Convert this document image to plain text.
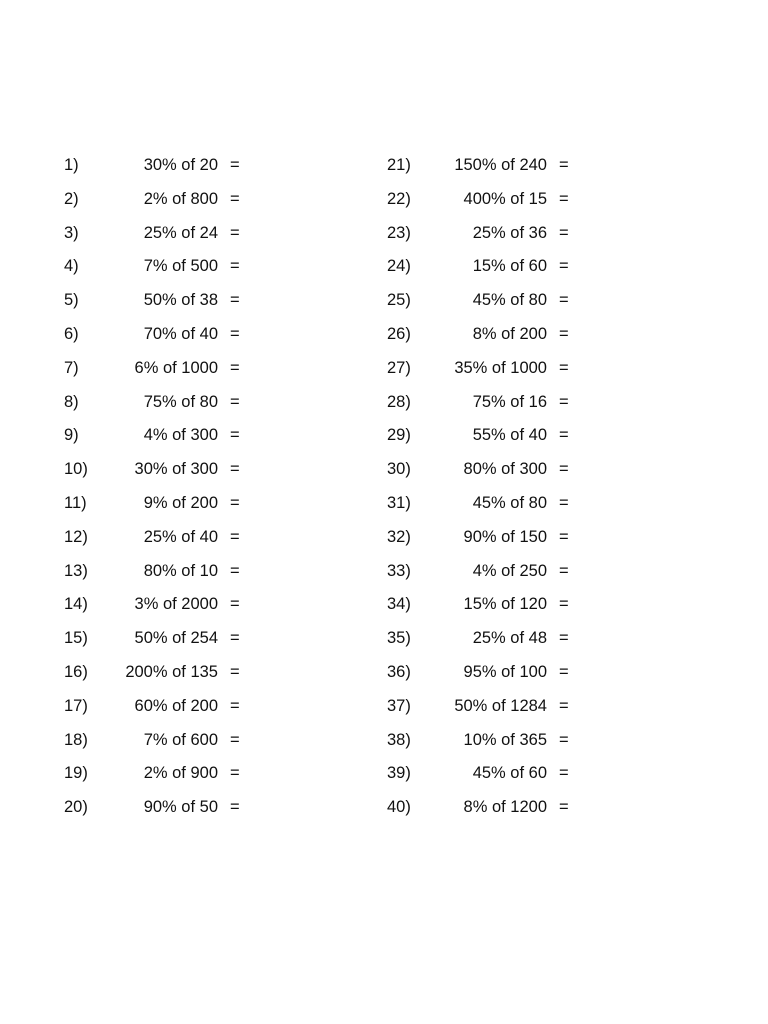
1)	30% of 20 =
2)	2% of 800 =
3)	25% of 24 =
4)	7% of 500 =
5)	50% of 38 =
6)	70% of 40 =
7)	6% of 1000 =
8)	75% of 80 =
9)	4% of 300 =
10)	30% of 300 =
11)	9% of 200 =
12)	25% of 40 =
13)	80% of 10 =
14)	3% of 2000 =
15)	50% of 254 =
16)	200% of 135 =
17)	60% of 200 =
18)	7% of 600 =
19)	2% of 900 =
20)	90% of 50 =
21)	150% of 240 =
22)	400% of 15 =
23)	25% of 36 =
24)	15% of 60 =
25)	45% of 80 =
26)	8% of 200 =
27)	35% of 1000 =
28)	75% of 16 =
29)	55% of 40 =
30)	80% of 300 =
31)	45% of 80 =
32)	90% of 150 =
33)	4% of 250 =
34)	15% of 120 =
35)	25% of 48 =
36)	95% of 100 =
37)	50% of 1284 =
38)	10% of 365 =
39)	45% of 60 =
40)	8% of 1200 =
